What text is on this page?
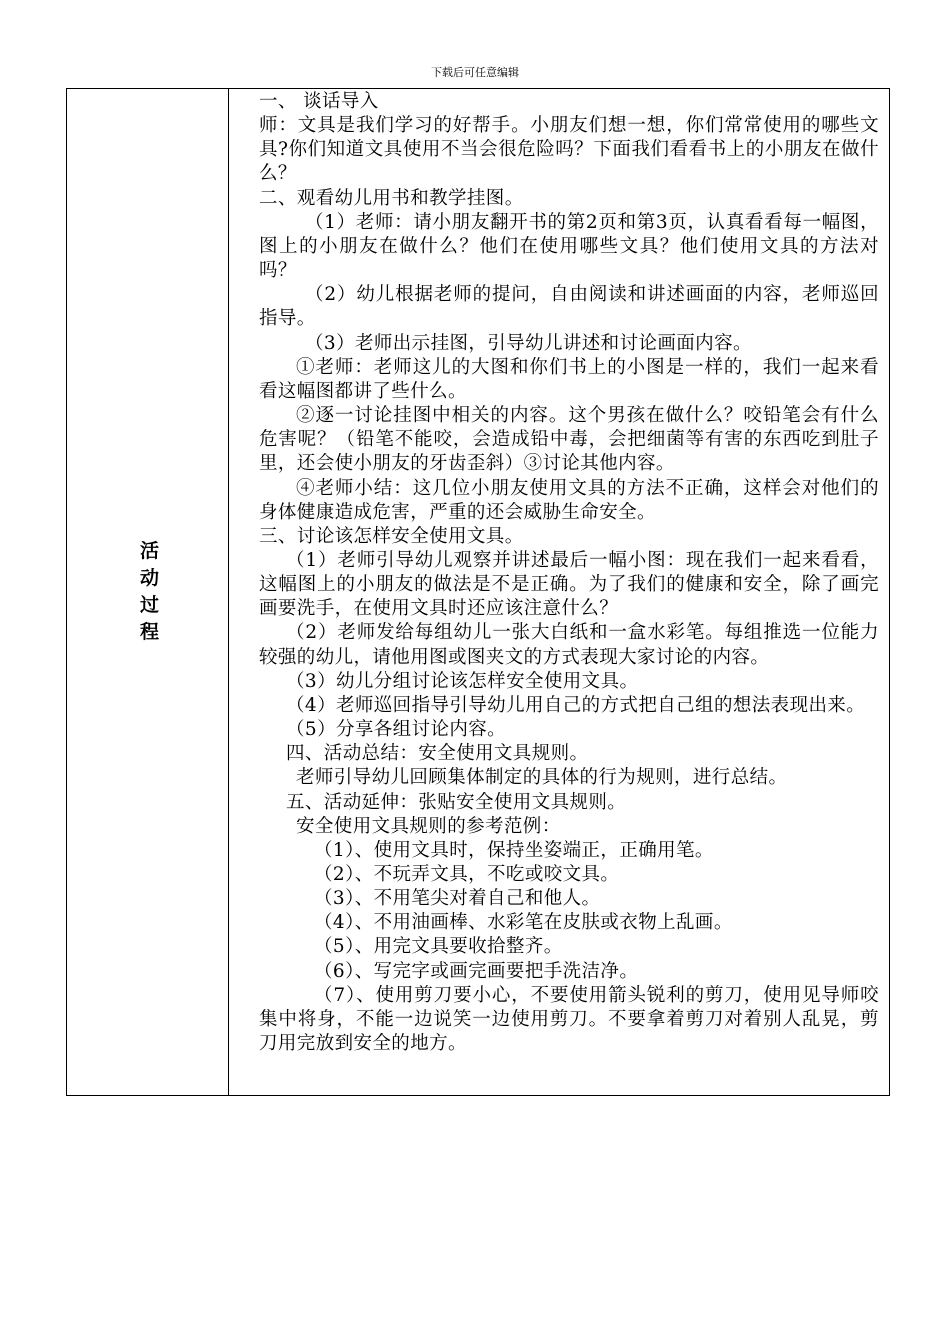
下载后可任意编辑
活动过程

一、 谈话导入

师：文具是我们学习的好帮手。小朋友们想一想，你们常常使用的哪些文具?你们知道文具使用不当会很危险吗？下面我们看看书上的小朋友在做什么？

二、观看幼儿用书和教学挂图。

（1）老师：请小朋友翻开书的第2页和第3页，认真看看每一幅图，图上的小朋友在做什么？他们在使用哪些文具？他们使用文具的方法对吗？

（2）幼儿根据老师的提问，自由阅读和讲述画面的内容，老师巡回指导。

（3）老师出示挂图，引导幼儿讲述和讨论画面内容。

①老师：老师这儿的大图和你们书上的小图是一样的，我们一起来看看这幅图都讲了些什么。

②逐一讨论挂图中相关的内容。这个男孩在做什么？咬铅笔会有什么危害呢？（铅笔不能咬，会造成铅中毒，会把细菌等有害的东西吃到肚子里，还会使小朋友的牙齿歪斜）③讨论其他内容。

④老师小结：这几位小朋友使用文具的方法不正确，这样会对他们的身体健康造成危害，严重的还会威胁生命安全。

三、讨论该怎样安全使用文具。

（1）老师引导幼儿观察并讲述最后一幅小图：现在我们一起来看看，这幅图上的小朋友的做法是不是正确。为了我们的健康和安全，除了画完画要洗手，在使用文具时还应该注意什么？

（2）老师发给每组幼儿一张大白纸和一盒水彩笔。每组推选一位能力较强的幼儿，请他用图或图夹文的方式表现大家讨论的内容。

（3）幼儿分组讨论该怎样安全使用文具。

（4）老师巡回指导引导幼儿用自己的方式把自己组的想法表现出来。

（5）分享各组讨论内容。

四、活动总结：安全使用文具规则。

老师引导幼儿回顾集体制定的具体的行为规则，进行总结。

五、活动延伸：张贴安全使用文具规则。

安全使用文具规则的参考范例：

（1）、使用文具时，保持坐姿端正，正确用笔。

（2）、不玩弄文具，不吃或咬文具。

（3）、不用笔尖对着自己和他人。

（4）、不用油画棒、水彩笔在皮肤或衣物上乱画。

（5）、用完文具要收拾整齐。

（6）、写完字或画完画要把手洗洁净。

（7）、使用剪刀要小心，不要使用箭头锐利的剪刀，使用见导师咬集中将身，不能一边说笑一边使用剪刀。不要拿着剪刀对着别人乱晃，剪刀用完放到安全的地方。
